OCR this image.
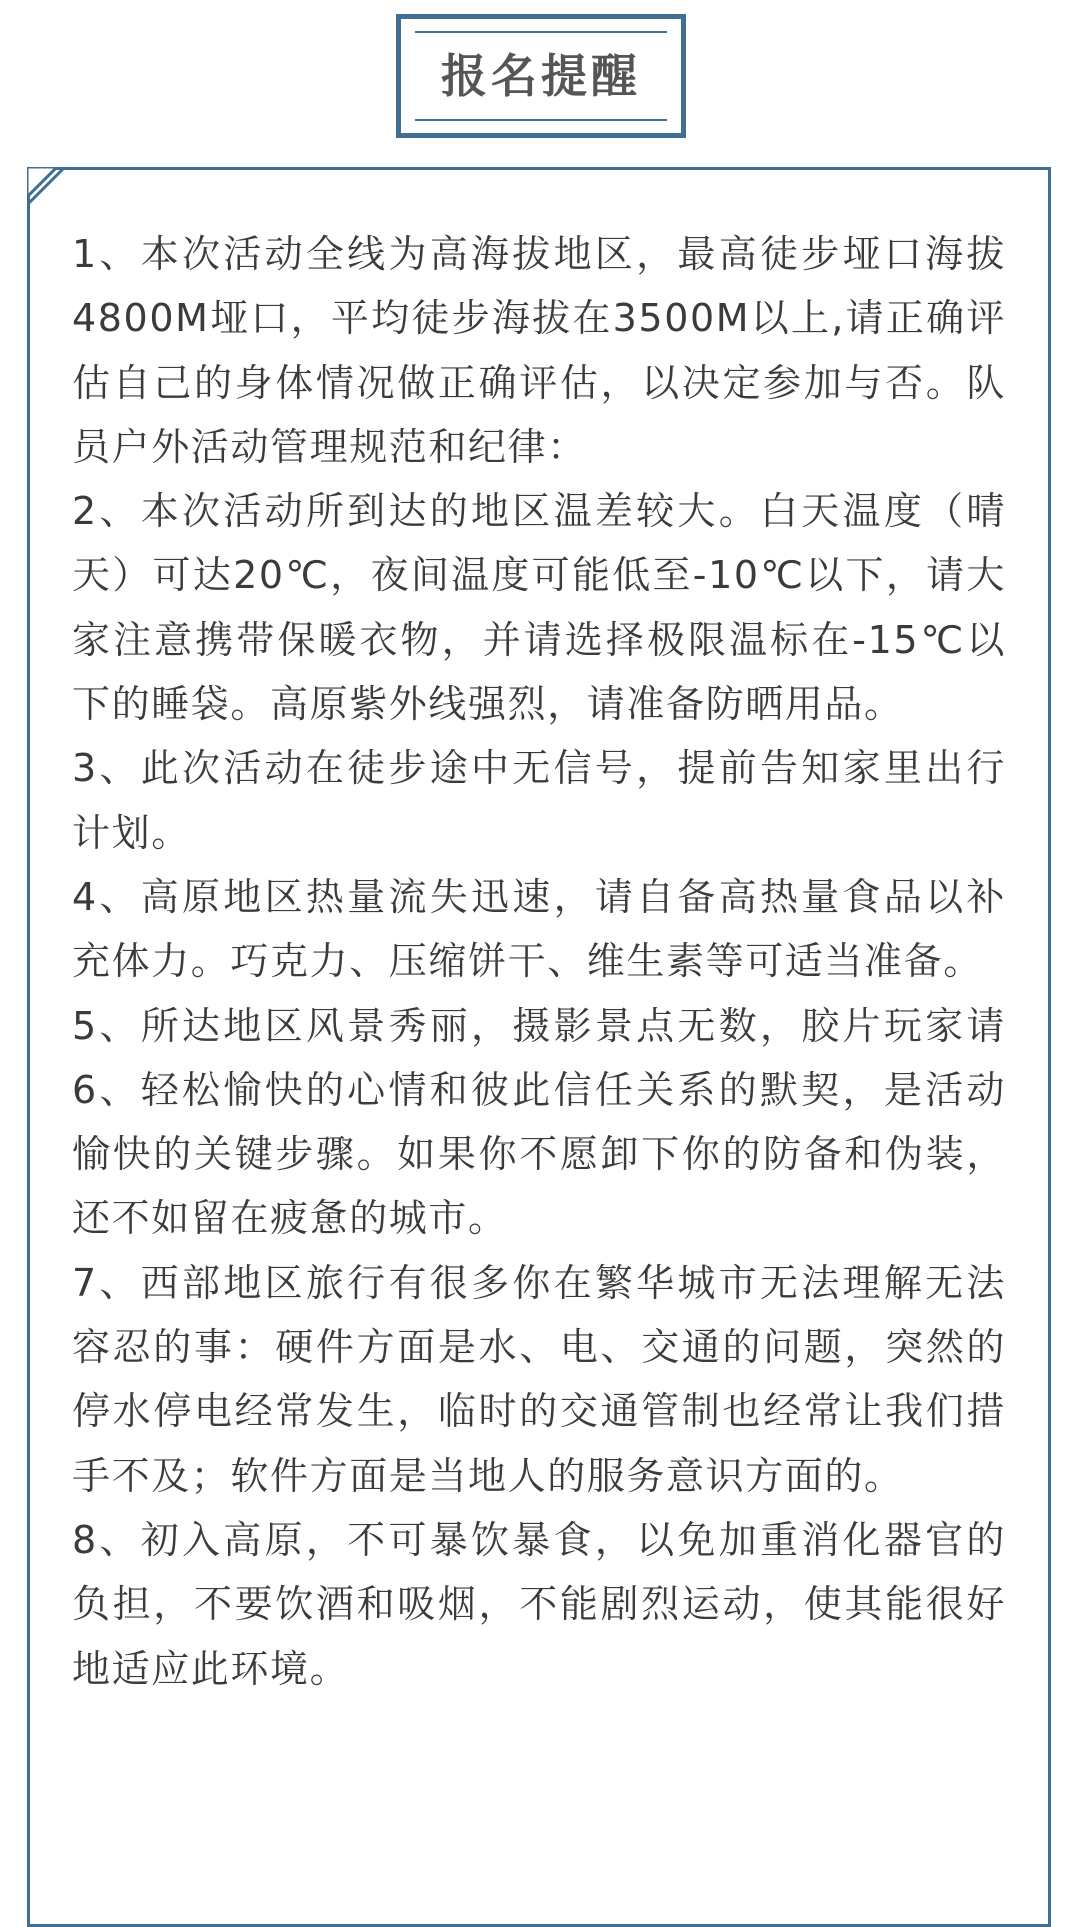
报名提醒

1、本次活动全线为高海拔地区，最高徒步垭口海拔4800M垭口，平均徒步海拔在3500M以上,请正确评估自己的身体情况做正确评估，以决定参加与否。队员户外活动管理规范和纪律：

2、本次活动所到达的地区温差较大。白天温度（晴天）可达20℃，夜间温度可能低至-10℃以下，请大家注意携带保暖衣物，并请选择极限温标在-15℃以下的睡袋。高原紫外线强烈，请准备防晒用品。

3、此次活动在徒步途中无信号，提前告知家里出行计划。

4、高原地区热量流失迅速，请自备高热量食品以补充体力。巧克力、压缩饼干、维生素等可适当准备。

5、所达地区风景秀丽，摄影景点无数，胶片玩家请6、轻松愉快的心情和彼此信任关系的默契，是活动愉快的关键步骤。如果你不愿卸下你的防备和伪装，还不如留在疲惫的城市。

7、西部地区旅行有很多你在繁华城市无法理解无法容忍的事：硬件方面是水、电、交通的问题，突然的停水停电经常发生，临时的交通管制也经常让我们措手不及；软件方面是当地人的服务意识方面的。

8、初入高原，不可暴饮暴食，以免加重消化器官的负担，不要饮酒和吸烟，不能剧烈运动，使其能很好地适应此环境。
